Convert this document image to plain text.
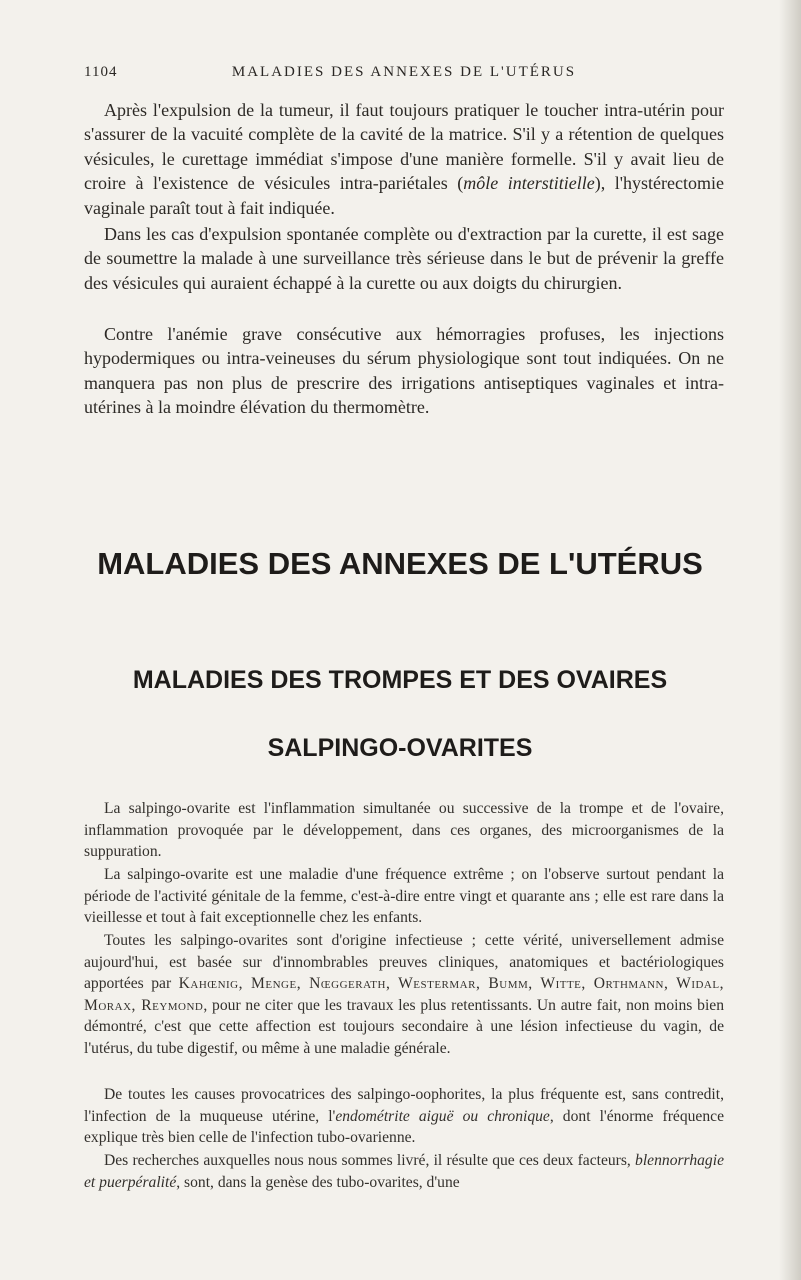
1104	MALADIES DES ANNEXES DE L'UTÉRUS

Après l'expulsion de la tumeur, il faut toujours pratiquer le toucher intra-utérin pour s'assurer de la vacuité complète de la cavité de la matrice. S'il y a rétention de quelques vésicules, le curettage immédiat s'impose d'une manière formelle. S'il y avait lieu de croire à l'existence de vésicules intra-pariétales (môle interstitielle), l'hystérectomie vaginale paraît tout à fait indiquée.

Dans les cas d'expulsion spontanée complète ou d'extraction par la curette, il est sage de soumettre la malade à une surveillance très sérieuse dans le but de prévenir la greffe des vésicules qui auraient échappé à la curette ou aux doigts du chirurgien.

Contre l'anémie grave consécutive aux hémorragies profuses, les injections hypodermiques ou intra-veineuses du sérum physiologique sont tout indiquées. On ne manquera pas non plus de prescrire des irrigations antiseptiques vaginales et intra-utérines à la moindre élévation du thermomètre.

MALADIES DES ANNEXES DE L'UTÉRUS
MALADIES DES TROMPES ET DES OVAIRES
SALPINGO-OVARITES

La salpingo-ovarite est l'inflammation simultanée ou successive de la trompe et de l'ovaire, inflammation provoquée par le développement, dans ces organes, des microorganismes de la suppuration.

La salpingo-ovarite est une maladie d'une fréquence extrême ; on l'observe surtout pendant la période de l'activité génitale de la femme, c'est-à-dire entre vingt et quarante ans ; elle est rare dans la vieillesse et tout à fait exceptionnelle chez les enfants.

Toutes les salpingo-ovarites sont d'origine infectieuse ; cette vérité, universellement admise aujourd'hui, est basée sur d'innombrables preuves cliniques, anatomiques et bactériologiques apportées par Kahœnig, Menge, Nœggerath, Westermar, Bumm, Witte, Orthmann, Widal, Morax, Reymond, pour ne citer que les travaux les plus retentissants. Un autre fait, non moins bien démontré, c'est que cette affection est toujours secondaire à une lésion infectieuse du vagin, de l'utérus, du tube digestif, ou même à une maladie générale.

De toutes les causes provocatrices des salpingo-oophorites, la plus fréquente est, sans contredit, l'infection de la muqueuse utérine, l'endométrite aiguë ou chronique, dont l'énorme fréquence explique très bien celle de l'infection tubo-ovarienne.

Des recherches auxquelles nous nous sommes livré, il résulte que ces deux facteurs, blennorrhagie et puerpéralité, sont, dans la genèse des tubo-ovarites, d'une
